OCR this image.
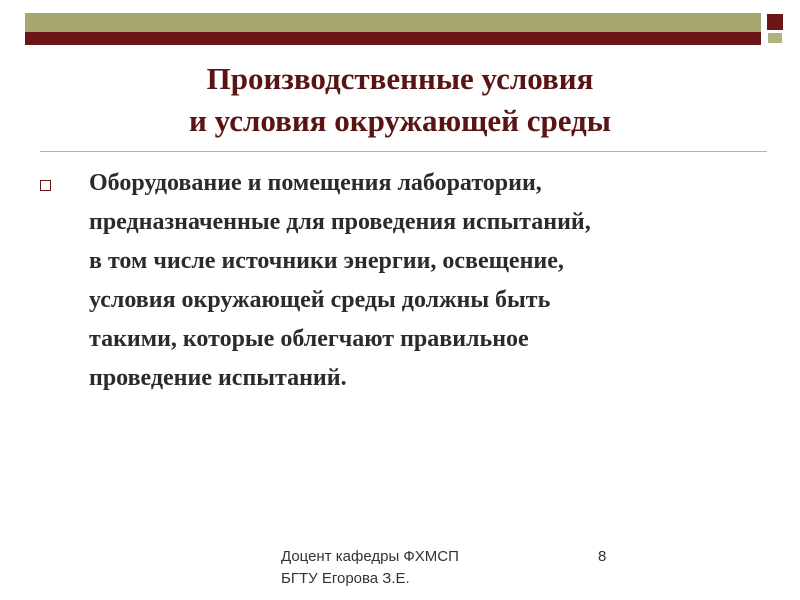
Производственные условия
и условия окружающей среды

Оборудование и помещения лаборатории,
предназначенные для проведения испытаний,
в том числе источники энергии, освещение,
условия окружающей среды должны быть
такими, которые облегчают правильное
проведение испытаний.

Доцент кафедры ФХМСП
БГТУ Егорова З.Е.
8
